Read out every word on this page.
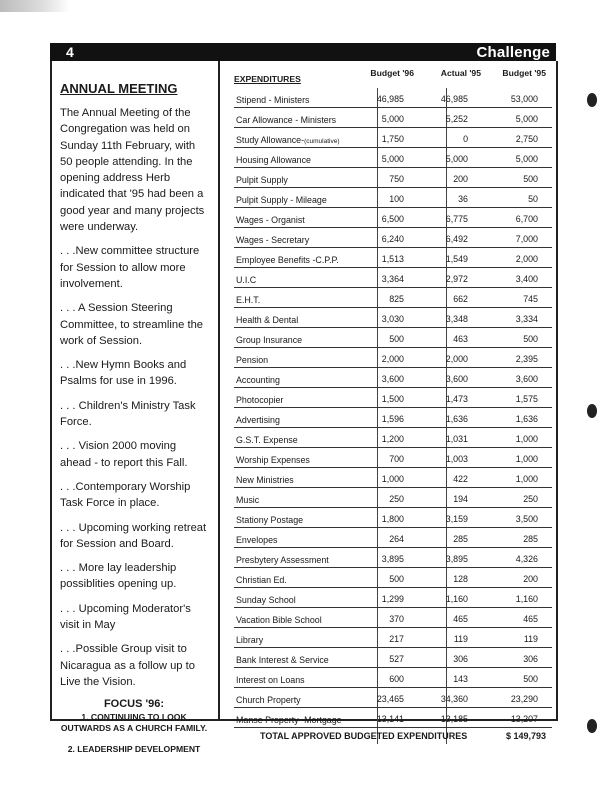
4	Challenge
ANNUAL MEETING

The Annual Meeting of the Congregation was held on Sunday 11th February, with 50 people attending. In the opening address Herb indicated that '95 had been a good year and many projects were underway.

. . .New committee structure for Session to allow more involvement.

. . . A Session Steering Committee, to streamline the work of Session.

. . .New Hymn Books and Psalms for use in 1996.

. . . Children's Ministry Task Force.

. . . Vision 2000 moving ahead - to report this Fall.

. . .Contemporary Worship Task Force in place.

. . . Upcoming working retreat for Session and Board.

. . . More lay leadership possiblities opening up.

. . . Upcoming Moderator's visit in May

. . .Possible Group visit to Nicaragua as a follow up to Live the Vision.

FOCUS '96:
1. CONTINUING TO LOOK OUTWARDS AS A CHURCH FAMILY.
2. LEADERSHIP DEVELOPMENT
EXPENDITURES
Budget '96	Actual '95 Budget '95
Stipend - Ministers	46,985	46,985	53,000
Car Allowance - Ministers	5,000	5,252	5,000
Study Allowance-(cumulative)	1,750	0	2,750
Housing Allowance	5,000	5,000	5,000
Pulpit Supply	750	200	500
Pulpit Supply - Mileage	100	36	50
Wages - Organist	6,500	6,775	6,700
Wages - Secretary	6,240	6,492	7,000
Employee Benefits -C.P.P.	1,513	1,549	2,000
U.I.C	3,364	2,972	3,400
E.H.T.	825	662	745
Health & Dental	3,030	3,348	3,334
Group Insurance	500	463	500
Pension	2,000	2,000	2,395
Accounting	3,600	3,600	3,600
Photocopier	1,500	1,473	1,575
Advertising	1,596	1,636	1,636
G.S.T. Expense	1,200	1,031	1,000
Worship Expenses	700	1,003	1,000
New Ministries	1,000	422	1,000
Music	250	194	250
Stationy Postage	1,800	3,159	3,500
Envelopes	264	285	285
Presbytery Assessment	3,895	3,895	4,326
Christian Ed.	500	128	200
Sunday School	1,299	1,160	1,160
Vacation Bible School	370	465	465
Library	217	119	119
Bank Interest & Service	527	306	306
Interest on Loans	600	143	500
Church Property	23,465	34,360	23,290
Manse Property -Mortgage	13,141	13,185	13,207
TOTAL APPROVED BUDGETED EXPENDITURES	$ 149,793
